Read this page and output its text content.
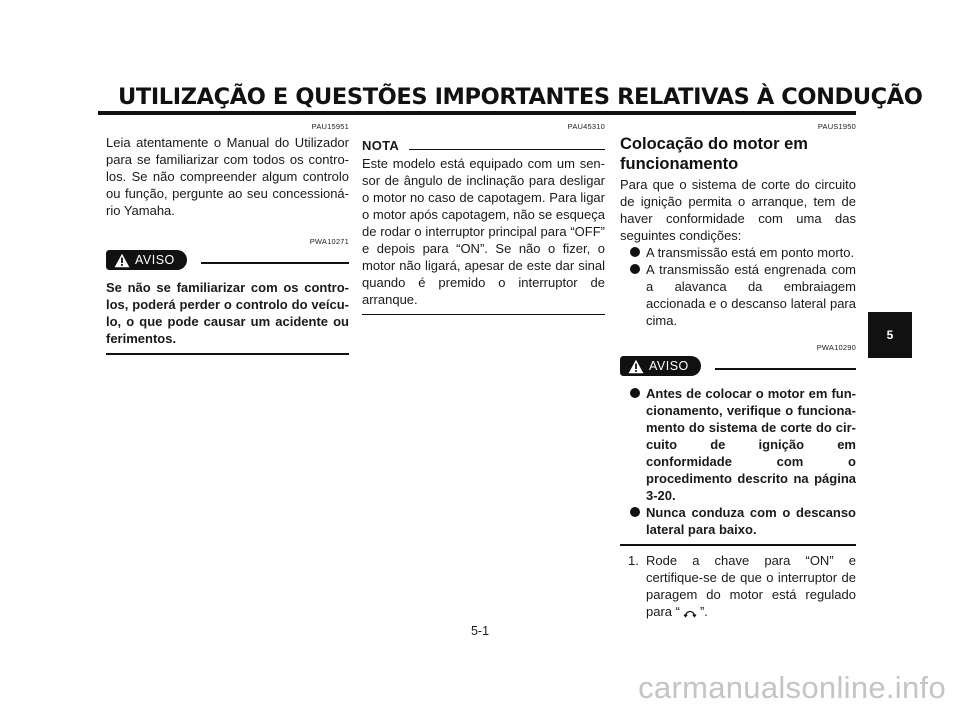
UTILIZAÇÃO E QUESTÕES IMPORTANTES RELATIVAS À CONDUÇÃO
PAU15951

Leia atentamente o Manual do Utilizador para se familiarizar com todos os contro-los. Se não compreender algum controlo ou função, pergunte ao seu concessioná-rio Yamaha.

PWA10271
AVISO

Se não se familiarizar com os contro-los, poderá perder o controlo do veícu-lo, o que pode causar um acidente ou ferimentos.

PAU45310
NOTA

Este modelo está equipado com um sen-sor de ângulo de inclinação para desligar o motor no caso de capotagem. Para ligar o motor após capotagem, não se esqueça de rodar o interruptor principal para “OFF” e depois para “ON”. Se não o fizer, o motor não ligará, apesar de este dar sinal quando é premido o interruptor de arranque.

PAUS1950
Colocação do motor em funcionamento

Para que o sistema de corte do circuito de ignição permita o arranque, tem de haver conformidade com uma das seguintes condições:

A transmissão está em ponto morto.
A transmissão está engrenada com a alavanca da embraiagem accionada e o descanso lateral para cima.
PWA10290
AVISO
Antes de colocar o motor em fun-cionamento, verifique o funciona-mento do sistema de corte do cir-cuito de ignição em conformidade com o procedimento descrito na página 3-20.
Nunca conduza com o descanso lateral para baixo.
1. Rode a chave para “ON” e certifique-se de que o interruptor de paragem do motor está regulado para “ ”.
5
5-1
carmanualsonline.info
